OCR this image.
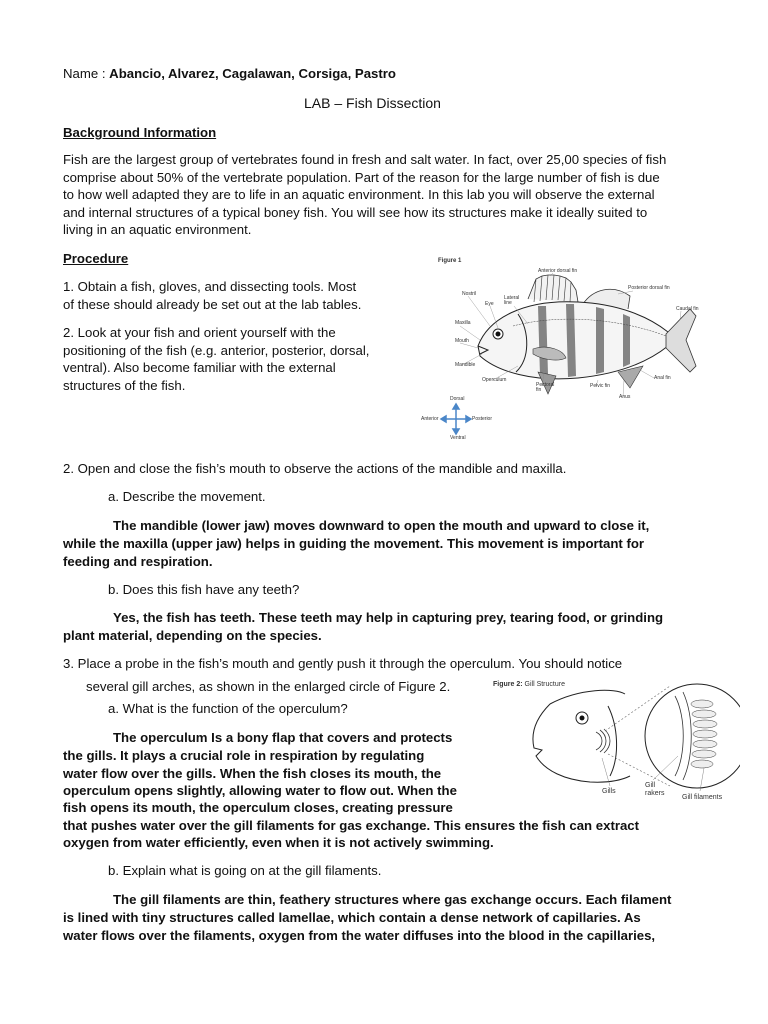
Name : Abancio, Alvarez, Cagalawan, Corsiga, Pastro
LAB – Fish Dissection
Background Information
Fish are the largest group of vertebrates found in fresh and salt water. In fact, over 25,00 species of fish
comprise about 50% of the vertebrate population. Part of the reason for the large number of fish is due
to how well adapted they are to life in an aquatic environment. In this lab you will observe the external
and internal structures of a typical boney fish. You will see how its structures make it ideally suited to
living in an aquatic environment.
Procedure
1. Obtain a fish, gloves, and dissecting tools. Most
of these should already be set out at the lab tables.
2. Look at your fish and orient yourself with the
positioning of the fish (e.g. anterior, posterior, dorsal,
ventral). Also become familiar with the external
structures of the fish.
Figure 1
Anterior dorsal fin
Posterior dorsal fin
Nostril
Eye
Lateral line
Caudal fin
Maxilla
Mouth
Mandible
Operculum
Pectoral fin
Pelvic fin
Anus
Anal fin
Dorsal
Anterior	Posterior
Ventral
2. Open and close the fish’s mouth to observe the actions of the mandible and maxilla.
a. Describe the movement.
The mandible (lower jaw) moves downward to open the mouth and upward to close it,
while the maxilla (upper jaw) helps in guiding the movement. This movement is important for
feeding and respiration.
b. Does this fish have any teeth?
Yes, the fish has teeth. These teeth may help in capturing prey, tearing food, or grinding
plant material, depending on the species.
3. Place a probe in the fish’s mouth and gently push it through the operculum. You should notice
several gill arches, as shown in the enlarged circle of Figure 2.
a. What is the function of the operculum?
The operculum Is a bony flap that covers and protects
the gills. It plays a crucial role in respiration by regulating
water flow over the gills. When the fish closes its mouth, the
operculum opens slightly, allowing water to flow out. When the
fish opens its mouth, the operculum closes, creating pressure
that pushes water over the gill filaments for gas exchange. This ensures the fish can extract
oxygen from water efficiently, even when it is not actively swimming.
b. Explain what is going on at the gill filaments.
The gill filaments are thin, feathery structures where gas exchange occurs. Each filament
is lined with tiny structures called lamellae, which contain a dense network of capillaries. As
water flows over the filaments, oxygen from the water diffuses into the blood in the capillaries,
Figure 2: Gill Structure
Gills
Gill rakers
Gill filaments
